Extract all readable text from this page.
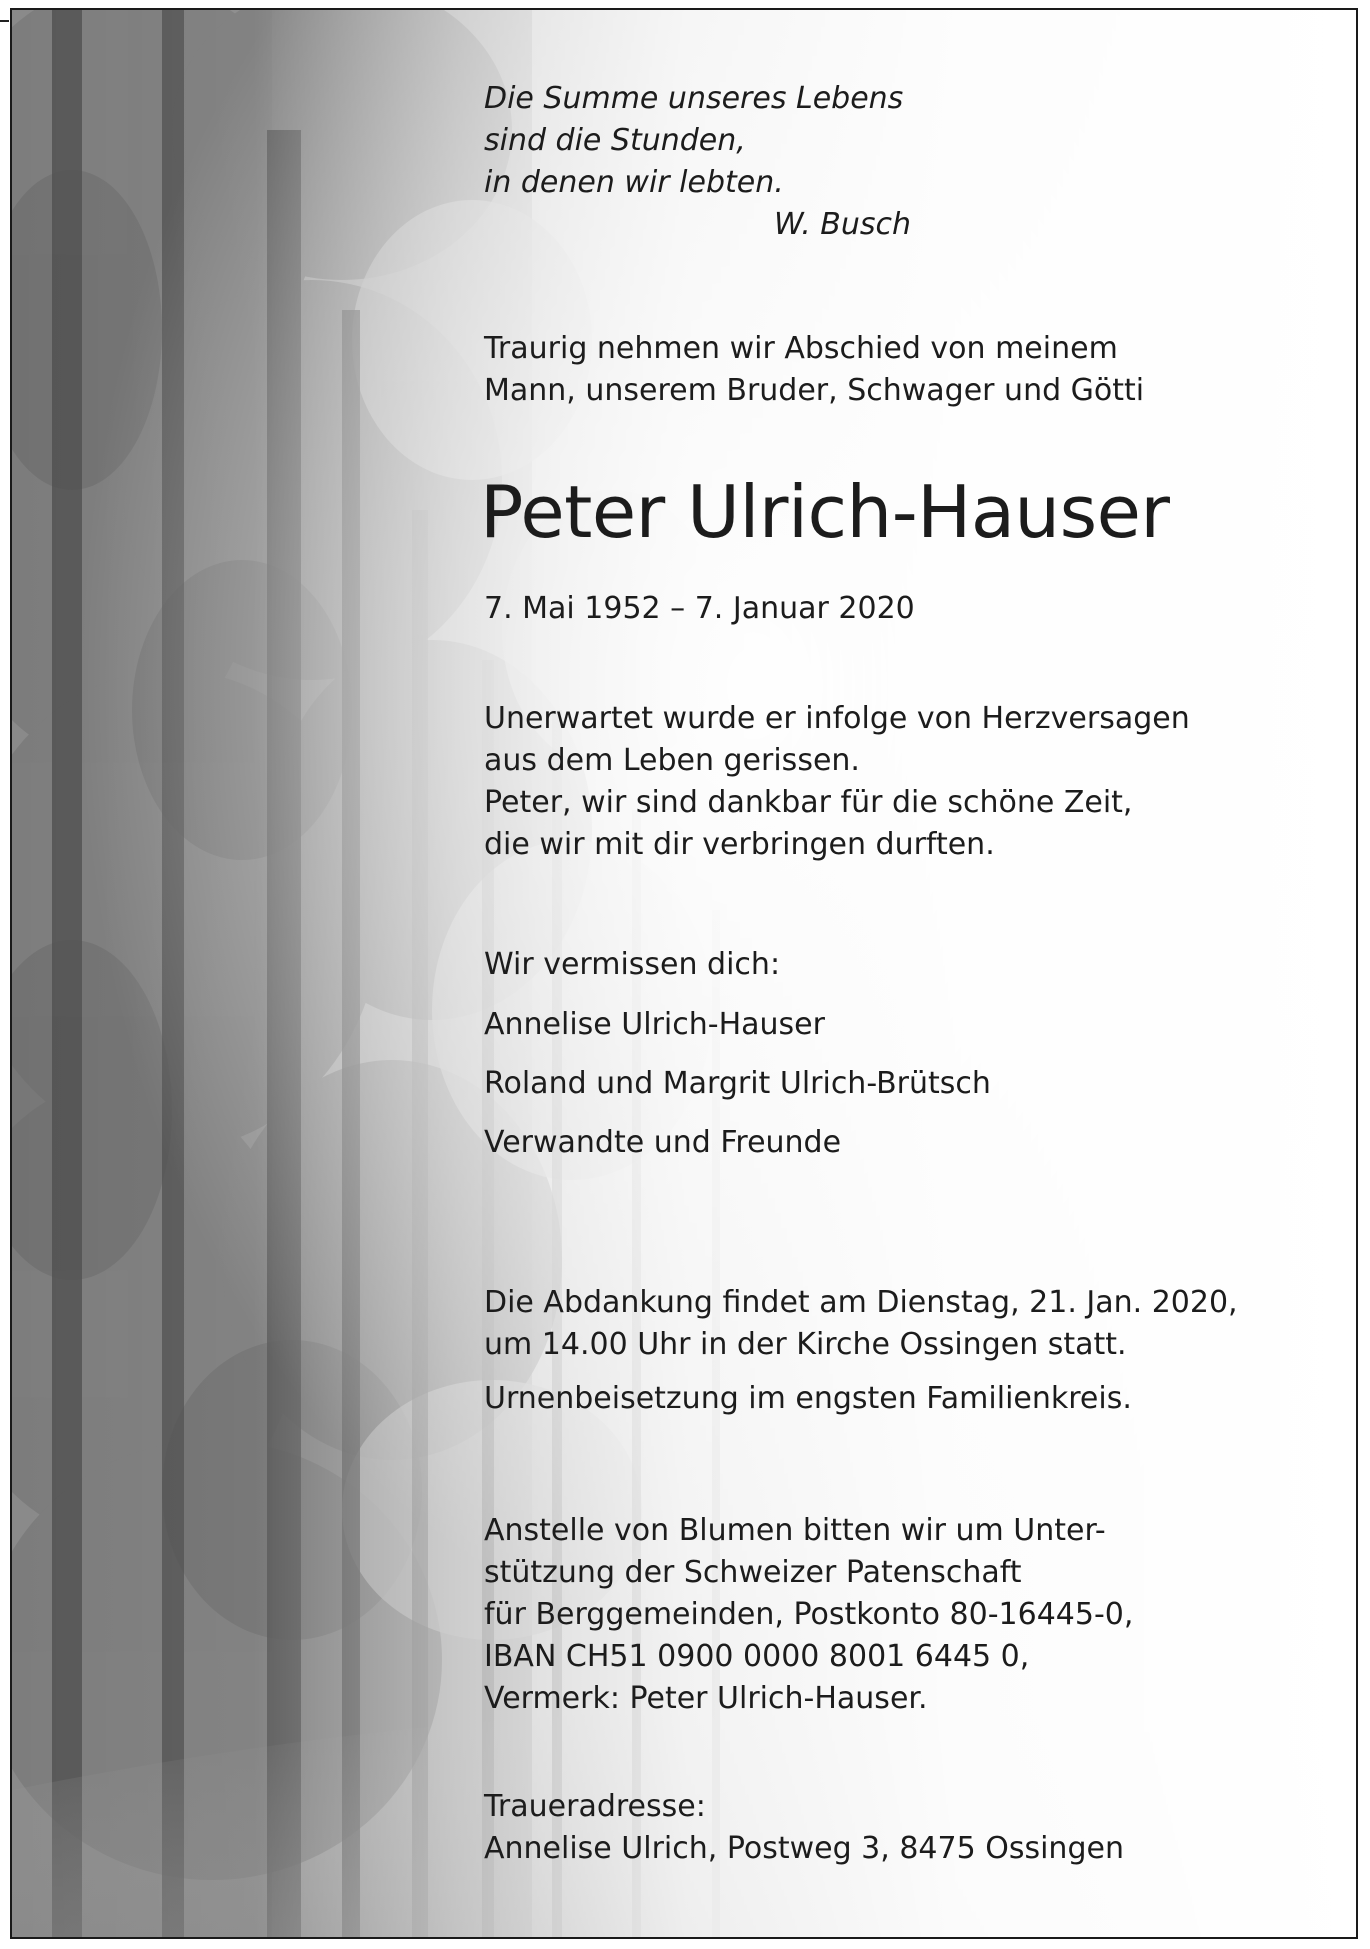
Die Summe unseres Lebens
sind die Stunden,
in denen wir lebten.
W. Busch
Traurig nehmen wir Abschied von meinem
Mann, unserem Bruder, Schwager und Götti
Peter Ulrich-Hauser
7. Mai 1952 – 7. Januar 2020
Unerwartet wurde er infolge von Herzversagen
aus dem Leben gerissen.
Peter, wir sind dankbar für die schöne Zeit,
die wir mit dir verbringen durften.
Wir vermissen dich:
Annelise Ulrich-Hauser
Roland und Margrit Ulrich-Brütsch
Verwandte und Freunde
Die Abdankung findet am Dienstag, 21. Jan. 2020,
um 14.00 Uhr in der Kirche Ossingen statt.
Urnenbeisetzung im engsten Familienkreis.
Anstelle von Blumen bitten wir um Unter-
stützung der Schweizer Patenschaft
für Berggemeinden, Postkonto 80-16445-0,
IBAN CH51 0900 0000 8001 6445 0,
Vermerk: Peter Ulrich-Hauser.
Traueradresse:
Annelise Ulrich, Postweg 3, 8475 Ossingen
